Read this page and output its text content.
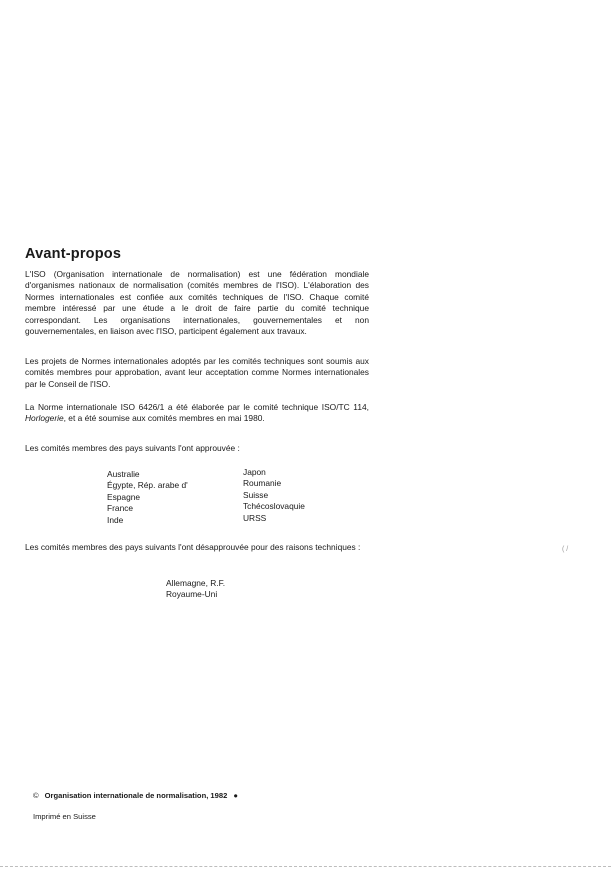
Avant-propos

L'ISO (Organisation internationale de normalisation) est une fédération mondiale d'organismes nationaux de normalisation (comités membres de l'ISO). L'élaboration des Normes internationales est confiée aux comités techniques de l'ISO. Chaque comité membre intéressé par une étude a le droit de faire partie du comité technique correspondant. Les organisations internationales, gouvernementales et non gouvernementales, en liaison avec l'ISO, participent également aux travaux.

Les projets de Normes internationales adoptés par les comités techniques sont soumis aux comités membres pour approbation, avant leur acceptation comme Normes internationales par le Conseil de l'ISO.

La Norme internationale ISO 6426/1 a été élaborée par le comité technique ISO/TC 114, Horlogerie, et a été soumise aux comités membres en mai 1980.

Les comités membres des pays suivants l'ont approuvée :

Australie
Égypte, Rép. arabe d'
Espagne
France
Inde
Japon
Roumanie
Suisse
Tchécoslovaquie
URSS

Les comités membres des pays suivants l'ont désapprouvée pour des raisons techniques :

Allemagne, R.F.
Royaume-Uni
( /
© Organisation internationale de normalisation, 1982 ●
Imprimé en Suisse
